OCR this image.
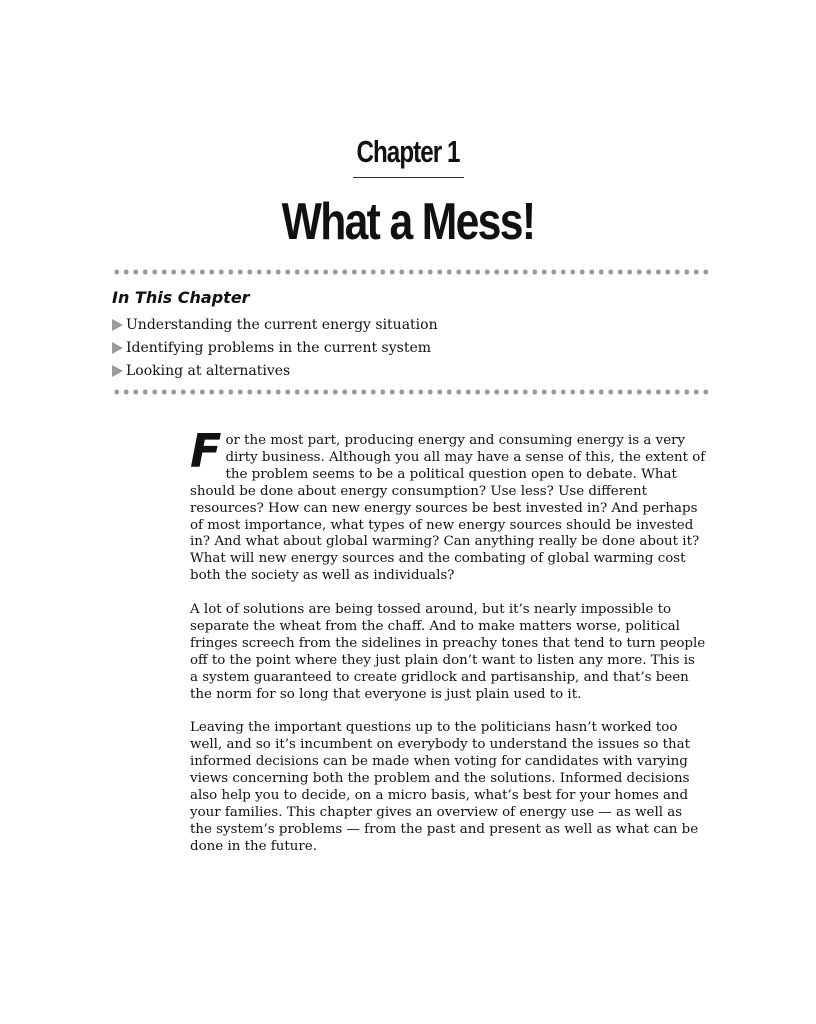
Chapter 1
What a Mess!
In This Chapter
Understanding the current energy situation
Identifying problems in the current system
Looking at alternatives

For the most part, producing energy and consuming energy is a very dirty business. Although you all may have a sense of this, the extent of the problem seems to be a political question open to debate. What should be done about energy consumption? Use less? Use different resources? How can new energy sources be best invested in? And perhaps of most importance, what types of new energy sources should be invested in? And what about global warming? Can anything really be done about it? What will new energy sources and the combating of global warming cost both the society as well as individuals?

A lot of solutions are being tossed around, but it’s nearly impossible to separate the wheat from the chaff. And to make matters worse, political fringes screech from the sidelines in preachy tones that tend to turn people off to the point where they just plain don’t want to listen any more. This is a system guaranteed to create gridlock and partisanship, and that’s been the norm for so long that everyone is just plain used to it.

Leaving the important questions up to the politicians hasn’t worked too well, and so it’s incumbent on everybody to understand the issues so that informed decisions can be made when voting for candidates with varying views concerning both the problem and the solutions. Informed decisions also help you to decide, on a micro basis, what’s best for your homes and your families. This chapter gives an overview of energy use — as well as the system’s problems — from the past and present as well as what can be done in the future.
